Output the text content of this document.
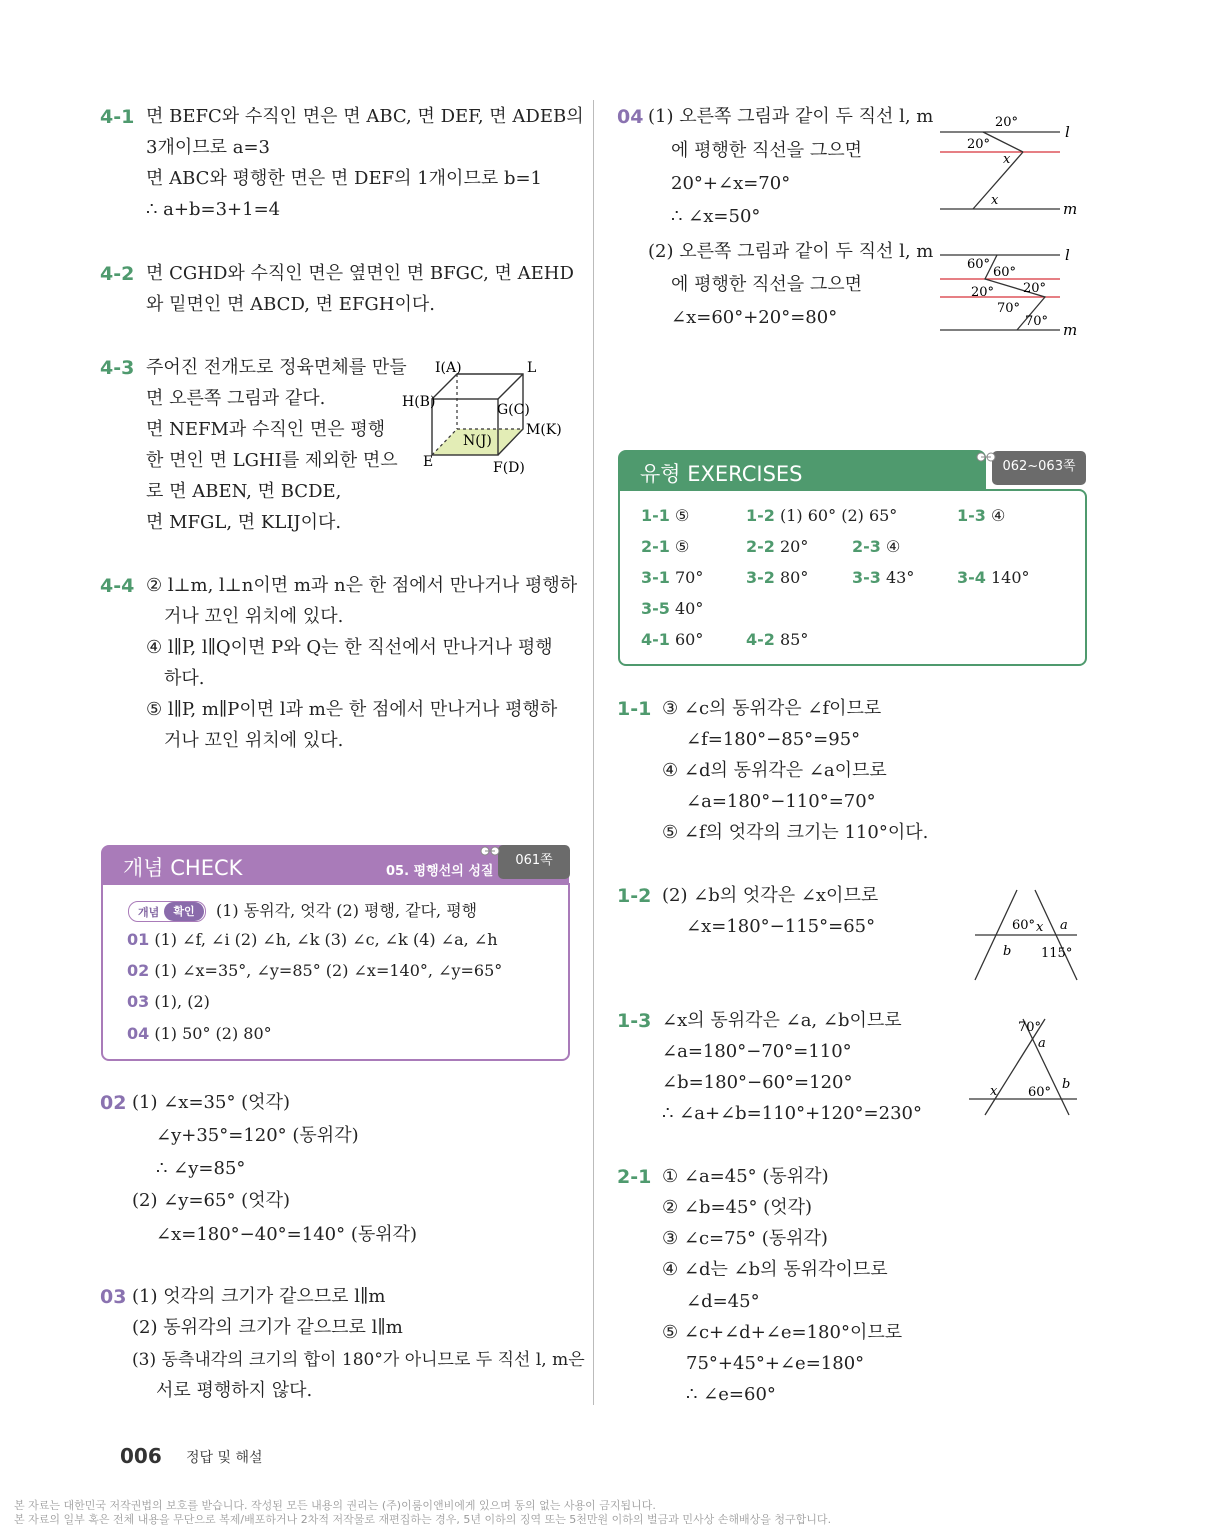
4-1 면 BEFC와 수직인 면은 면 ABC, 면 DEF, 면 ADEB의
3개이므로 a=3
면 ABC와 평행한 면은 면 DEF의 1개이므로 b=1
∴ a+b=3+1=4
4-2 면 CGHD와 수직인 면은 옆면인 면 BFGC, 면 AEHD
와 밑면인 면 ABCD, 면 EFGH이다.
4-3 주어진 전개도로 정육면체를 만들
면 오른쪽 그림과 같다.
면 NEFM과 수직인 면은 평행
한 면인 면 LGHI를 제외한 면으
로 면 ABEN, 면 BCDE,
면 MFGL, 면 KLIJ이다.
I(A)	L
H(B)	G(C)
M(K)
N(J)
E	F(D)
4-4 ② l⊥m, l⊥n이면 m과 n은 한 점에서 만나거나 평행하
거나 꼬인 위치에 있다.
④ l∥P, l∥Q이면 P와 Q는 한 직선에서 만나거나 평행
하다.
⑤ l∥P, m∥P이면 l과 m은 한 점에서 만나거나 평행하
거나 꼬인 위치에 있다.
개념 CHECK	05. 평행선의 성질
061쪽
개념	확인	(1) 동위각, 엇각 (2) 평행, 같다, 평행
01 (1) ∠f, ∠i (2) ∠h, ∠k (3) ∠c, ∠k (4) ∠a, ∠h
02 (1) ∠x=35°, ∠y=85° (2) ∠x=140°, ∠y=65°
03 (1), (2)
04 (1) 50° (2) 80°
02 (1) ∠x=35° (엇각)
∠y+35°=120° (동위각)
∴ ∠y=85°
(2) ∠y=65° (엇각)
∠x=180°−40°=140° (동위각)
03 (1) 엇각의 크기가 같으므로 l∥m
(2) 동위각의 크기가 같으므로 l∥m
(3) 동측내각의 크기의 합이 180°가 아니므로 두 직선 l, m은
서로 평행하지 않다.
04 (1) 오른쪽 그림과 같이 두 직선 l, m
에 평행한 직선을 그으면
20°+∠x=70°
∴ ∠x=50°
(2) 오른쪽 그림과 같이 두 직선 l, m
에 평행한 직선을 그으면
∠x=60°+20°=80°
20°
l
20°
x
x	m
l
60°
60°
20° 20°
70°
70° m
유형 EXERCISES	062~063쪽
1-1 ⑤	1-2 (1) 60° (2) 65°	1-3 ④
2-1 ⑤	2-2 20°	2-3 ④
3-1 70°	3-2 80°	3-3 43°	3-4 140°
3-5 40°
4-1 60°	4-2 85°
1-1 ③ ∠c의 동위각은 ∠f이므로
∠f=180°−85°=95°
④ ∠d의 동위각은 ∠a이므로
∠a=180°−110°=70°
⑤ ∠f의 엇각의 크기는 110°이다.
1-2 (2) ∠b의 엇각은 ∠x이므로
∠x=180°−115°=65°	60° x a
b 115°
1-3 ∠x의 동위각은 ∠a, ∠b이므로
∠a=180°−70°=110°
∠b=180°−60°=120°
∴ ∠a+∠b=110°+120°=230°
70°
a
x 60°
b
2-1 ① ∠a=45° (동위각)
② ∠b=45° (엇각)
③ ∠c=75° (동위각)
④ ∠d는 ∠b의 동위각이므로
∠d=45°
⑤ ∠c+∠d+∠e=180°이므로
75°+45°+∠e=180°
∴ ∠e=60°
006 정답 및 해설
본 자료는 대한민국 저작권법의 보호를 받습니다. 작성된 모든 내용의 권리는 (주)이룸이앤비에게 있으며 동의 없는 사용이 금지됩니다.
본 자료의 일부 혹은 전체 내용을 무단으로 복제/배포하거나 2차적 저작물로 재편집하는 경우, 5년 이하의 징역 또는 5천만원 이하의 벌금과 민사상 손해배상을 청구합니다.
